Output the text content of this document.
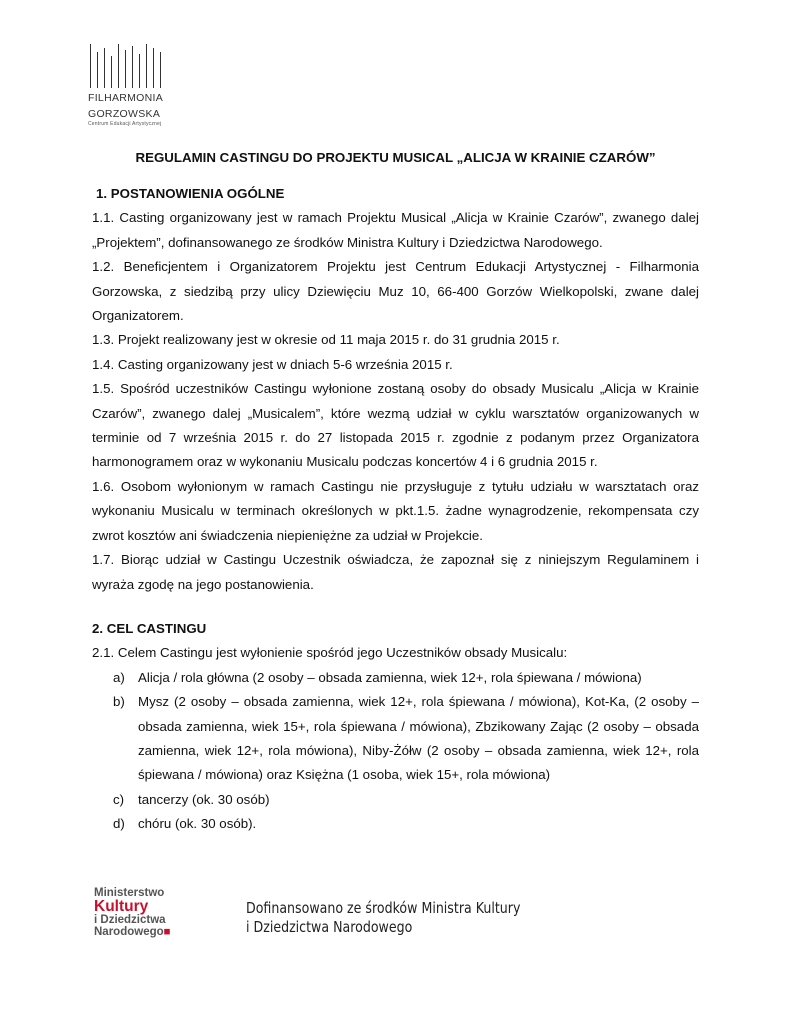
FILHARMONIA
GORZOWSKA
Centrum Edukacji Artystycznej
REGULAMIN CASTINGU DO PROJEKTU MUSICAL „ALICJA W KRAINIE CZARÓW”

1. POSTANOWIENIA OGÓLNE

1.1. Casting organizowany jest w ramach Projektu Musical „Alicja w Krainie Czarów”, zwanego dalej „Projektem”, dofinansowanego ze środków Ministra Kultury i Dziedzictwa Narodowego.

1.2. Beneficjentem i Organizatorem Projektu jest Centrum Edukacji Artystycznej - Filharmonia Gorzowska, z siedzibą przy ulicy Dziewięciu Muz 10, 66-400 Gorzów Wielkopolski, zwane dalej Organizatorem.

1.3. Projekt realizowany jest w okresie od 11 maja 2015 r. do 31 grudnia 2015 r.

1.4. Casting organizowany jest w dniach 5-6 września 2015 r.

1.5. Spośród uczestników Castingu wyłonione zostaną osoby do obsady Musicalu „Alicja w Krainie Czarów”, zwanego dalej „Musicalem”, które wezmą udział w cyklu warsztatów organizowanych w terminie od 7 września 2015 r. do 27 listopada 2015 r. zgodnie z podanym przez Organizatora harmonogramem oraz w wykonaniu Musicalu podczas koncertów 4 i 6 grudnia 2015 r.

1.6. Osobom wyłonionym w ramach Castingu nie przysługuje z tytułu udziału w warsztatach oraz wykonaniu Musicalu w terminach określonych w pkt.1.5. żadne wynagrodzenie, rekompensata czy zwrot kosztów ani świadczenia niepieniężne za udział w Projekcie.

1.7. Biorąc udział w Castingu Uczestnik oświadcza, że zapoznał się z niniejszym Regulaminem i wyraża zgodę na jego postanowienia.

2. CEL CASTINGU

2.1. Celem Castingu jest wyłonienie spośród jego Uczestników obsady Musicalu:

a) Alicja / rola główna (2 osoby – obsada zamienna, wiek 12+, rola śpiewana / mówiona)
b) Mysz (2 osoby – obsada zamienna, wiek 12+, rola śpiewana / mówiona), Kot-Ka, (2 osoby – obsada zamienna, wiek 15+, rola śpiewana / mówiona), Zbzikowany Zając (2 osoby – obsada zamienna, wiek 12+, rola mówiona), Niby-Żółw (2 osoby – obsada zamienna, wiek 12+, rola śpiewana / mówiona) oraz Księżna (1 osoba, wiek 15+, rola mówiona)
c) tancerzy (ok. 30 osób)
d) chóru (ok. 30 osób).
Ministerstwo
Kultury
i Dziedzictwa
Narodowego■
Dofinansowano ze środków Ministra Kultury
i Dziedzictwa Narodowego
